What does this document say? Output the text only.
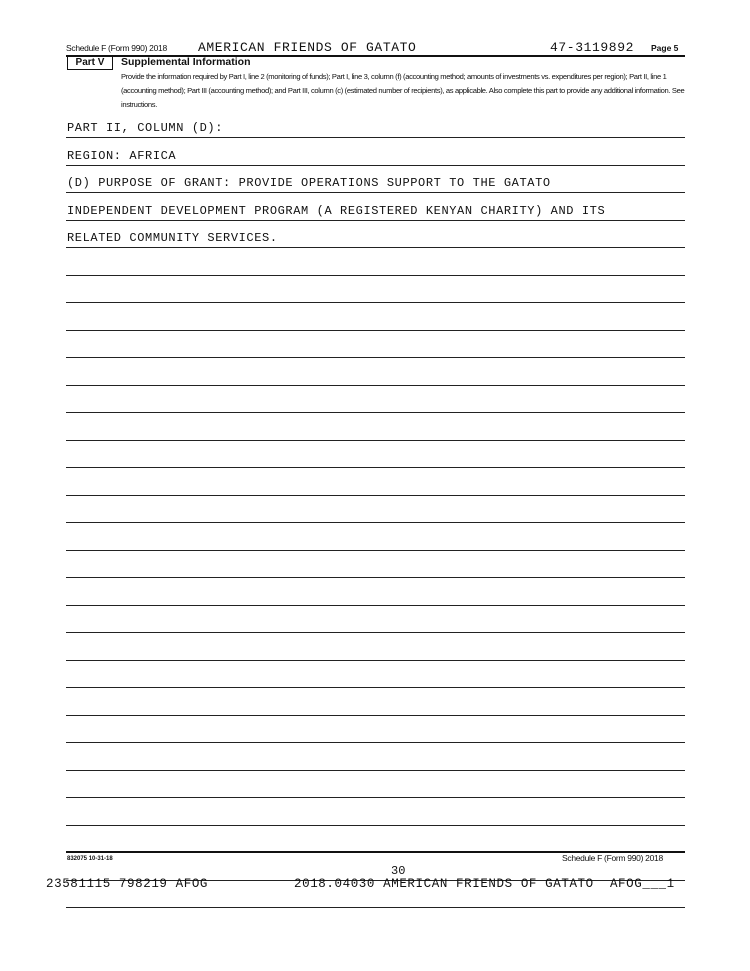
Schedule F (Form 990) 2018 AMERICAN FRIENDS OF GATATO	47-3119892 Page 5
Part V	Supplemental Information
Provide the information required by Part I, line 2 (monitoring of funds); Part I, line 3, column (f) (accounting method; amounts of investments vs. expenditures per region); Part II, line 1 (accounting method); Part III (accounting method); and Part III, column (c) (estimated number of recipients), as applicable. Also complete this part to provide any additional information. See instructions.
PART II, COLUMN (D):
REGION: AFRICA
(D) PURPOSE OF GRANT: PROVIDE OPERATIONS SUPPORT TO THE GATATO
INDEPENDENT DEVELOPMENT PROGRAM (A REGISTERED KENYAN CHARITY) AND ITS
RELATED COMMUNITY SERVICES.
832075 10-31-18	Schedule F (Form 990) 2018
30
23581115 798219 AFOG	2018.04030 AMERICAN FRIENDS OF GATATO  AFOG___1
